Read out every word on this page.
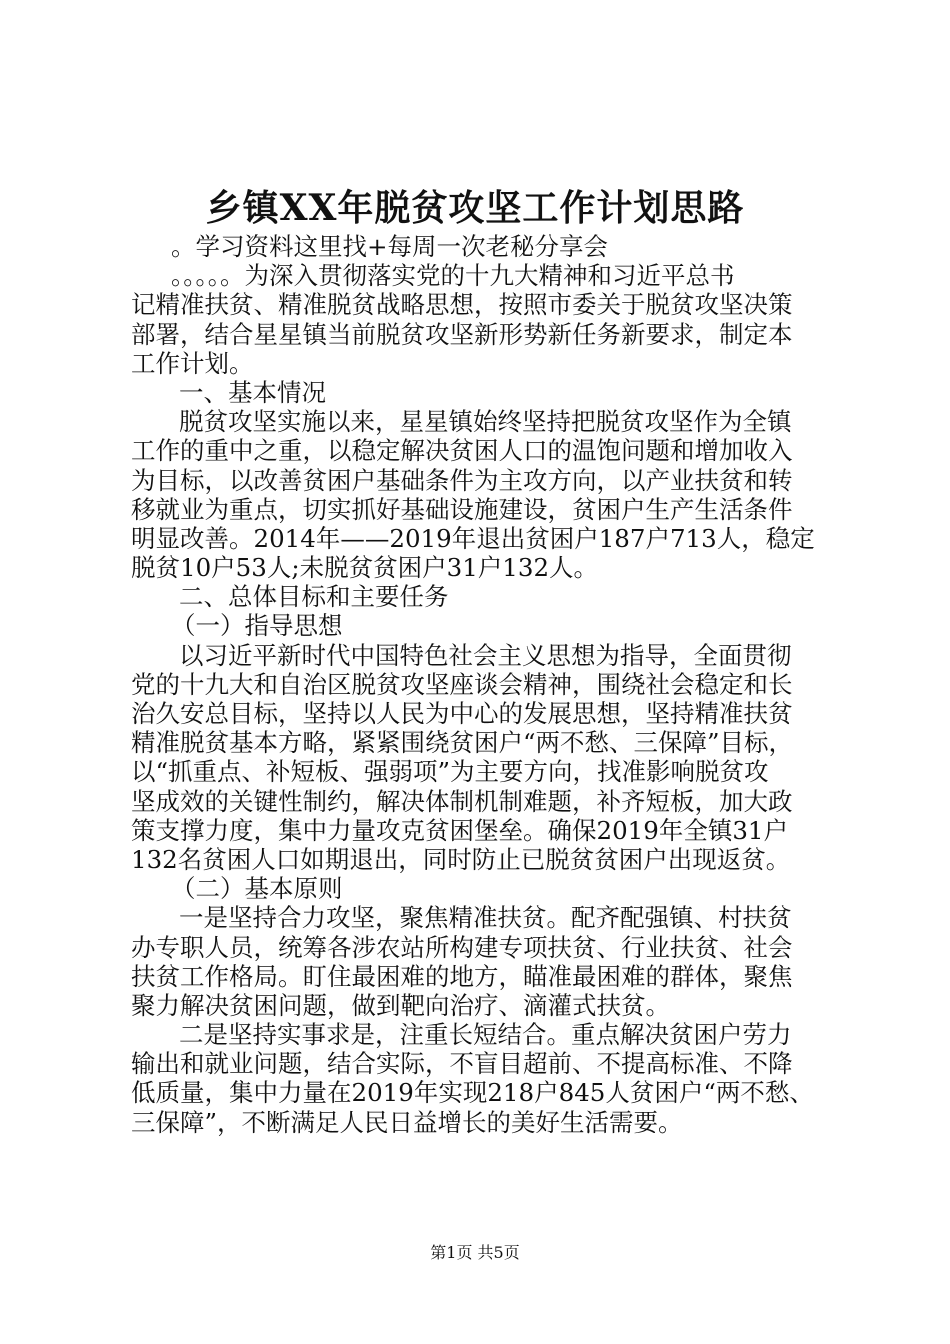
乡镇XX年脱贫攻坚工作计划思路
。学习资料这里找+每周一次老秘分享会
。。。。。为深入贯彻落实党的十九大精神和习近平总书
记精准扶贫、精准脱贫战略思想，按照市委关于脱贫攻坚决策
部署，结合星星镇当前脱贫攻坚新形势新任务新要求，制定本
工作计划。
一、基本情况
脱贫攻坚实施以来，星星镇始终坚持把脱贫攻坚作为全镇
工作的重中之重，以稳定解决贫困人口的温饱问题和增加收入
为目标，以改善贫困户基础条件为主攻方向，以产业扶贫和转
移就业为重点，切实抓好基础设施建设，贫困户生产生活条件
明显改善。2014年——2019年退出贫困户187户713人，稳定
脱贫10户53人;未脱贫贫困户31户132人。
二、总体目标和主要任务
（一）指导思想
以习近平新时代中国特色社会主义思想为指导，全面贯彻
党的十九大和自治区脱贫攻坚座谈会精神，围绕社会稳定和长
治久安总目标，坚持以人民为中心的发展思想，坚持精准扶贫
精准脱贫基本方略，紧紧围绕贫困户“两不愁、三保障”目标，
以“抓重点、补短板、强弱项”为主要方向，找准影响脱贫攻
坚成效的关键性制约，解决体制机制难题，补齐短板，加大政
策支撑力度，集中力量攻克贫困堡垒。确保2019年全镇31户
132名贫困人口如期退出，同时防止已脱贫贫困户出现返贫。
（二）基本原则
一是坚持合力攻坚，聚焦精准扶贫。配齐配强镇、村扶贫
办专职人员，统筹各涉农站所构建专项扶贫、行业扶贫、社会
扶贫工作格局。盯住最困难的地方，瞄准最困难的群体，聚焦
聚力解决贫困问题，做到靶向治疗、滴灌式扶贫。
二是坚持实事求是，注重长短结合。重点解决贫困户劳力
输出和就业问题，结合实际，不盲目超前、不提高标准、不降
低质量，集中力量在2019年实现218户845人贫困户“两不愁、
三保障”，不断满足人民日益增长的美好生活需要。
第1页 共5页
